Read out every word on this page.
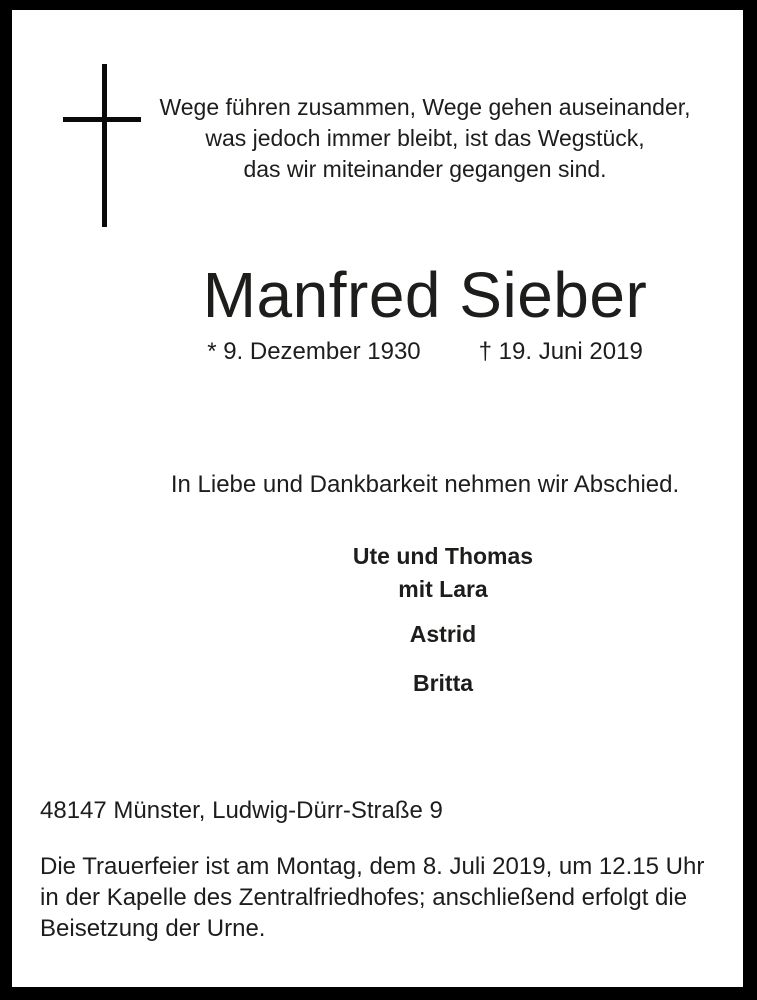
Wege führen zusammen, Wege gehen auseinander,
was jedoch immer bleibt, ist das Wegstück,
das wir miteinander gegangen sind.
Manfred Sieber
* 9. Dezember 1930 † 19. Juni 2019
In Liebe und Dankbarkeit nehmen wir Abschied.
Ute und Thomas
mit Lara
Astrid
Britta
48147 Münster, Ludwig-Dürr-Straße 9
Die Trauerfeier ist am Montag, dem 8. Juli 2019, um 12.15 Uhr
in der Kapelle des Zentralfriedhofes; anschließend erfolgt die
Beisetzung der Urne.
